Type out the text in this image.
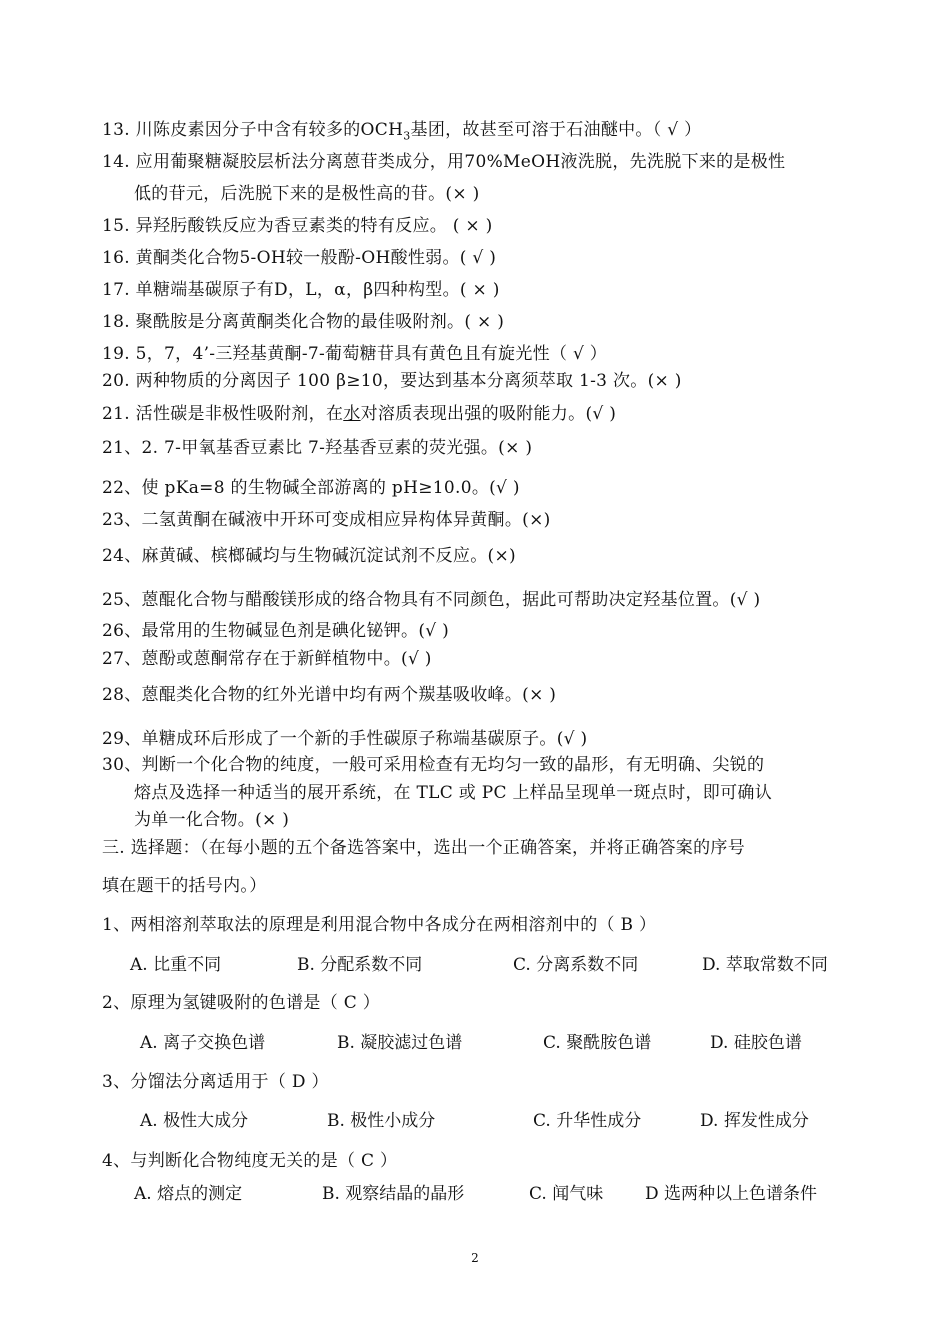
13. 川陈皮素因分子中含有较多的$OCH_3$基团，故甚至可溶于石油醚中。（ √ ）
14. 应用葡聚糖凝胶层析法分离蒽苷类成分，用70%MeOH液洗脱，先洗脱下来的是极性
低的苷元，后洗脱下来的是极性高的苷。(× )
15. 异羟肟酸铁反应为香豆素类的特有反应。 ( × )
16. 黄酮类化合物5-OH较一般酚-OH酸性弱。( √ )
17. 单糖端基碳原子有D，L，α，β四种构型。( × )
18. 聚酰胺是分离黄酮类化合物的最佳吸附剂。( × )
19. 5，7，4’-三羟基黄酮-7-葡萄糖苷具有黄色且有旋光性（ √ ）
20. 两种物质的分离因子 100 β≥10，要达到基本分离须萃取 1-3 次。(× )
21. 活性碳是非极性吸附剂，在水对溶质表现出强的吸附能力。(√ )
21、2. 7-甲氧基香豆素比 7-羟基香豆素的荧光强。(× )
22、使 pKa=8 的生物碱全部游离的 pH≥10.0。(√ )
23、二氢黄酮在碱液中开环可变成相应异构体异黄酮。(×)
24、麻黄碱、槟榔碱均与生物碱沉淀试剂不反应。(×)
25、蒽醌化合物与醋酸镁形成的络合物具有不同颜色，据此可帮助决定羟基位置。(√ )
26、最常用的生物碱显色剂是碘化铋钾。(√ )
27、蒽酚或蒽酮常存在于新鲜植物中。(√ )
28、蒽醌类化合物的红外光谱中均有两个羰基吸收峰。(× )
29、单糖成环后形成了一个新的手性碳原子称端基碳原子。(√ )
30、判断一个化合物的纯度，一般可采用检查有无均匀一致的晶形，有无明确、尖锐的
熔点及选择一种适当的展开系统，在 TLC 或 PC 上样品呈现单一斑点时，即可确认
为单一化合物。(× )
三. 选择题：（在每小题的五个备选答案中，选出一个正确答案，并将正确答案的序号
填在题干的括号内。）
1、两相溶剂萃取法的原理是利用混合物中各成分在两相溶剂中的（ B ）
A. 比重不同	B. 分配系数不同	C. 分离系数不同	D. 萃取常数不同
2、原理为氢键吸附的色谱是（ C ）
A. 离子交换色谱	B. 凝胶滤过色谱	C. 聚酰胺色谱	D. 硅胶色谱
3、分馏法分离适用于（ D ）
A. 极性大成分	B. 极性小成分	C. 升华性成分	D. 挥发性成分
4、与判断化合物纯度无关的是（ C ）
A. 熔点的测定	B. 观察结晶的晶形	C. 闻气味 D 选两种以上色谱条件
2
